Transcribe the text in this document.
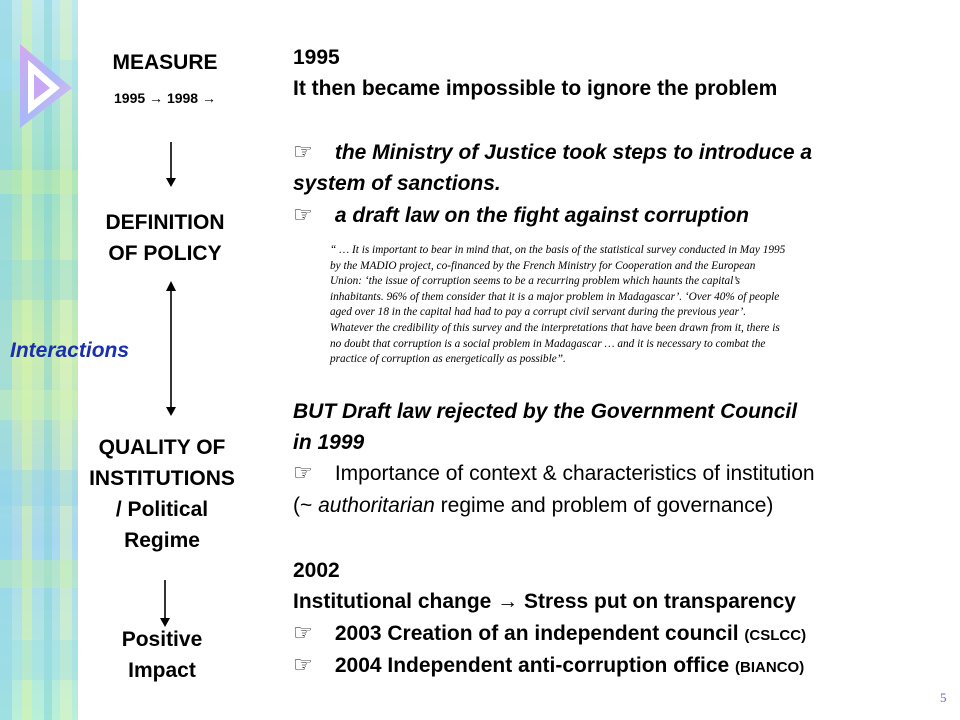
MEASURE
1995 → 1998 →
DEFINITION
OF POLICY
Interactions
QUALITY OF
INSTITUTIONS
/ Political
Regime
Positive
Impact
1995
It then became impossible to ignore the problem
☞ the Ministry of Justice took steps to introduce a
system of sanctions.
☞ a draft law on the fight against corruption
“ … It is important to bear in mind that, on the basis of the statistical survey conducted in May 1995
by the MADIO project, co-financed by the French Ministry for Cooperation and the European
Union: ‘the issue of corruption seems to be a recurring problem which haunts the capital’s
inhabitants. 96% of them consider that it is a major problem in Madagascar’. ‘Over 40% of people
aged over 18 in the capital had had to pay a corrupt civil servant during the previous year’.
Whatever the credibility of this survey and the interpretations that have been drawn from it, there is
no doubt that corruption is a social problem in Madagascar … and it is necessary to combat the
practice of corruption as energetically as possible”.
BUT Draft law rejected by the Government Council
in 1999
☞ Importance of context & characteristics of institution
(~ authoritarian regime and problem of governance)
2002
Institutional change → Stress put on transparency
☞ 2003 Creation of an independent council (CSLCC)
☞ 2004 Independent anti-corruption office (BIANCO)
5
